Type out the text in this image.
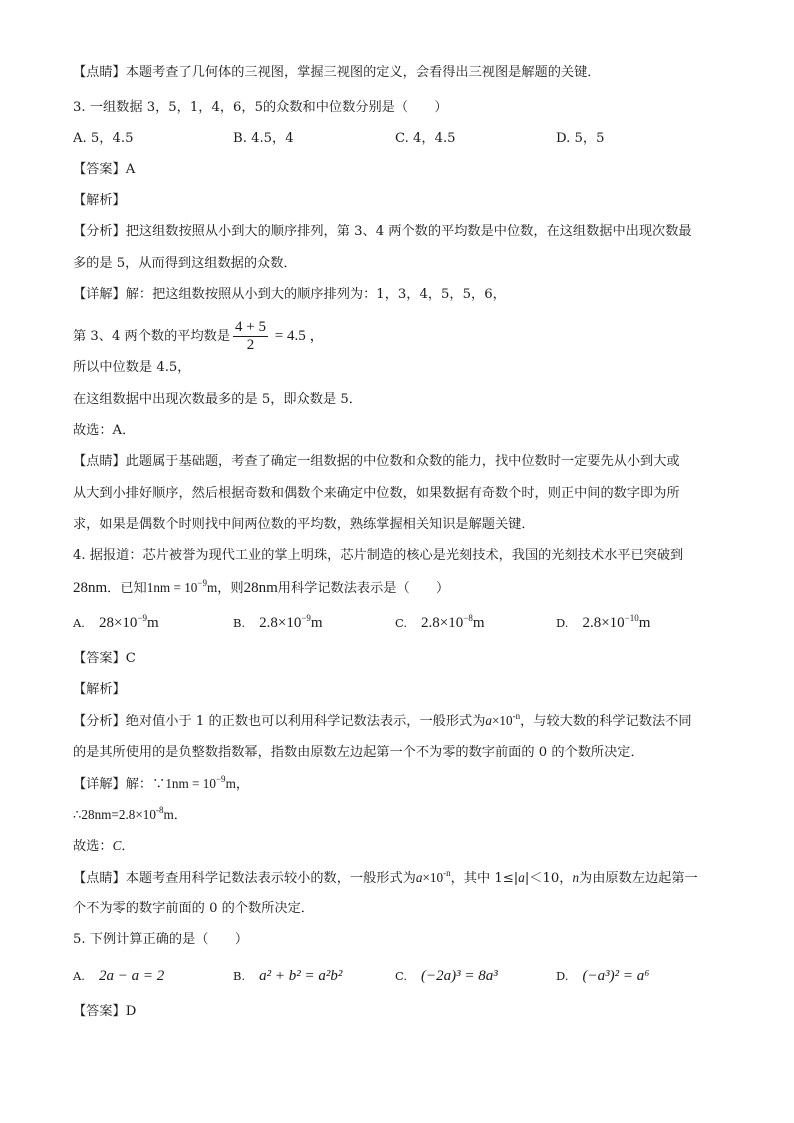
【点睛】本题考查了几何体的三视图，掌握三视图的定义，会看得出三视图是解题的关键．
3. 一组数据 3，5，1，4，6，5的众数和中位数分别是（　　）
A. 5，4.5	B. 4.5，4	C. 4，4.5	D. 5，5
【答案】A
【解析】
【分析】把这组数按照从小到大的顺序排列，第 3、4 两个数的平均数是中位数，在这组数据中出现次数最
多的是 5，从而得到这组数据的众数．
【详解】解：把这组数按照从小到大的顺序排列为：1，3，4，5，5，6，
第 3、4 两个数的平均数是 $\frac{4 + 5}{2} = 4.5$ ，
所以中位数是 4.5，
在这组数据中出现次数最多的是 5，即众数是 5．
故选：A．
【点睛】此题属于基础题，考查了确定一组数据的中位数和众数的能力，找中位数时一定要先从小到大或
从大到小排好顺序，然后根据奇数和偶数个来确定中位数，如果数据有奇数个时，则正中间的数字即为所
求，如果是偶数个时则找中间两位数的平均数，熟练掌握相关知识是解题关键．
4. 据报道：芯片被誉为现代工业的掌上明珠，芯片制造的核心是光刻技术，我国的光刻技术水平已突破到
28nm．已知$1nm = 10^{-9}m$，则28nm用科学记数法表示是（　　）
A. $28\times 10^{-9}m$	B. $2.8\times 10^{-9}m$	C. $2.8\times 10^{-8}m$	D. $2.8\times 10^{-10}m$
【答案】C
【解析】
【分析】绝对值小于 1 的正数也可以利用科学记数法表示，一般形式为$a\times 10^{-n}$，与较大数的科学记数法不同
的是其所使用的是负整数指数幂，指数由原数左边起第一个不为零的数字前面的 0 的个数所决定．
【详解】解：∵1nm = $10^{-9}m$，
$\therefore 28nm=2.8\times 10^{-8}m$．
故选：C．
【点睛】本题考查用科学记数法表示较小的数，一般形式为$a\times 10^{-n}$，其中 1≤|a|＜10，n为由原数左边起第一
个不为零的数字前面的 0 的个数所决定．
5. 下例计算正确的是（　　）
A. 2a − a = 2	B. a² + b² = a²b²	C. (−2a)³ = 8a³	D. (−a³)² = a⁶
【答案】D
